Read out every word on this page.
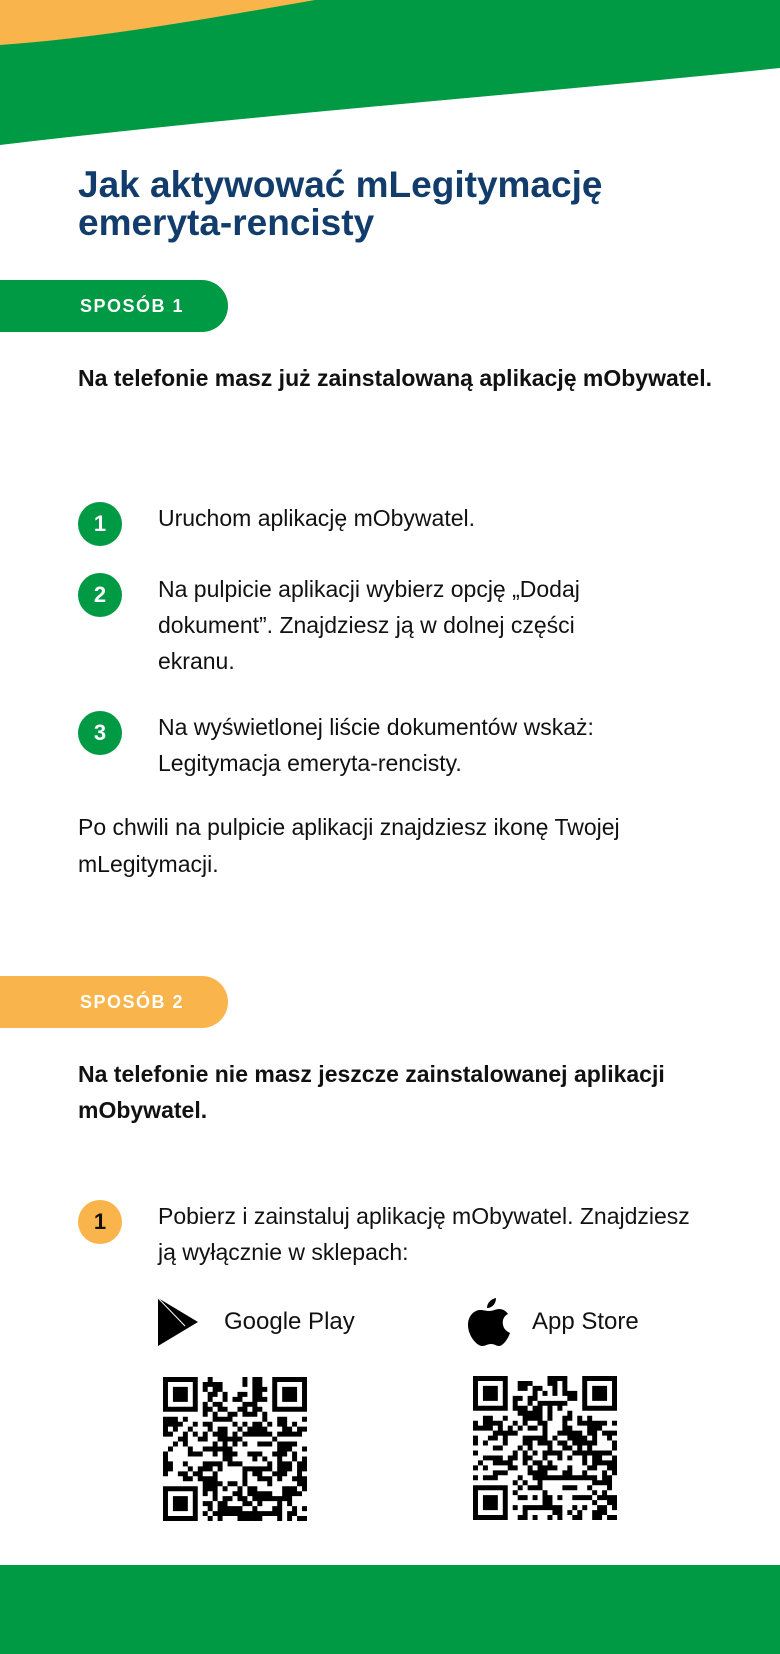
Jak aktywować mLegitymację
emeryta-rencisty
SPOSÓB 1
Na telefonie masz już zainstalowaną aplikację mObywatel.
1	Uruchom aplikację mObywatel.
2	Na pulpicie aplikacji wybierz opcję „Dodaj dokument”. Znajdziesz ją w dolnej części ekranu.
3	Na wyświetlonej liście dokumentów wskaż: Legitymacja emeryta-rencisty.
Po chwili na pulpicie aplikacji znajdziesz ikonę Twojej mLegitymacji.
SPOSÓB 2
Na telefonie nie masz jeszcze zainstalowanej aplikacji mObywatel.
1	Pobierz i zainstaluj aplikację mObywatel. Znajdziesz ją wyłącznie w sklepach:
Google Play	App Store
